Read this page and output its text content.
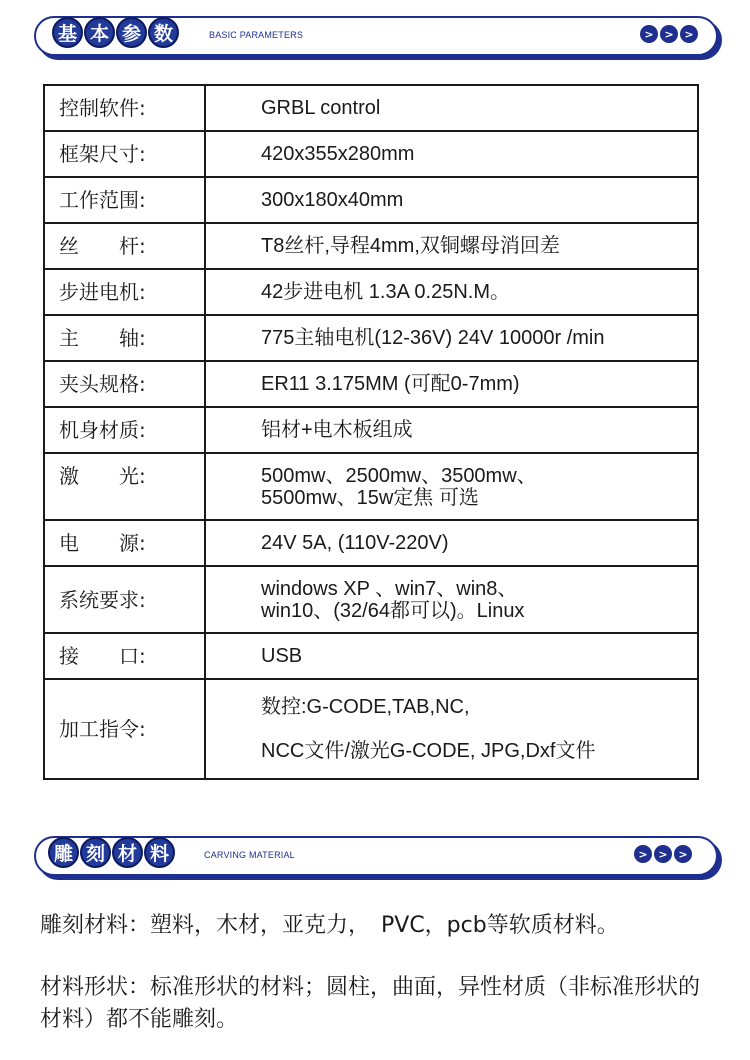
基 本 参 数	BASIC PARAMETERS	> > >
控制软件:	GRBL control
框架尺寸:	420x355x280mm
工作范围:	300x180x40mm
丝　　杆:	T8丝杆,导程4mm,双铜螺母消回差
步进电机:	42步进电机 1.3A 0.25N.M。
主　　轴:	775主轴电机(12-36V) 24V 10000r /min
夹头规格:	ER11 3.175MM (可配0-7mm)
机身材质:	铝材+电木板组成
激　　光:	500mw、2500mw、3500mw、
5500mw、15w定焦 可选

电　　源:	24V 5A, (110V-220V)
系统要求:	windows XP 、win7、win8、
win10、(32/64都可以)。Linux

接　　口:	USB
加工指令:	数控:G-CODE,TAB,NC,
NCC文件/激光G-CODE, JPG,Dxf文件
雕 刻 材 料	CARVING MATERIAL	> > >
雕刻材料：塑料，木材，亚克力，　PVC，pcb等软质材料。
材料形状：标准形状的材料；圆柱，曲面，异性材质（非标准形状的材料）都不能雕刻。
